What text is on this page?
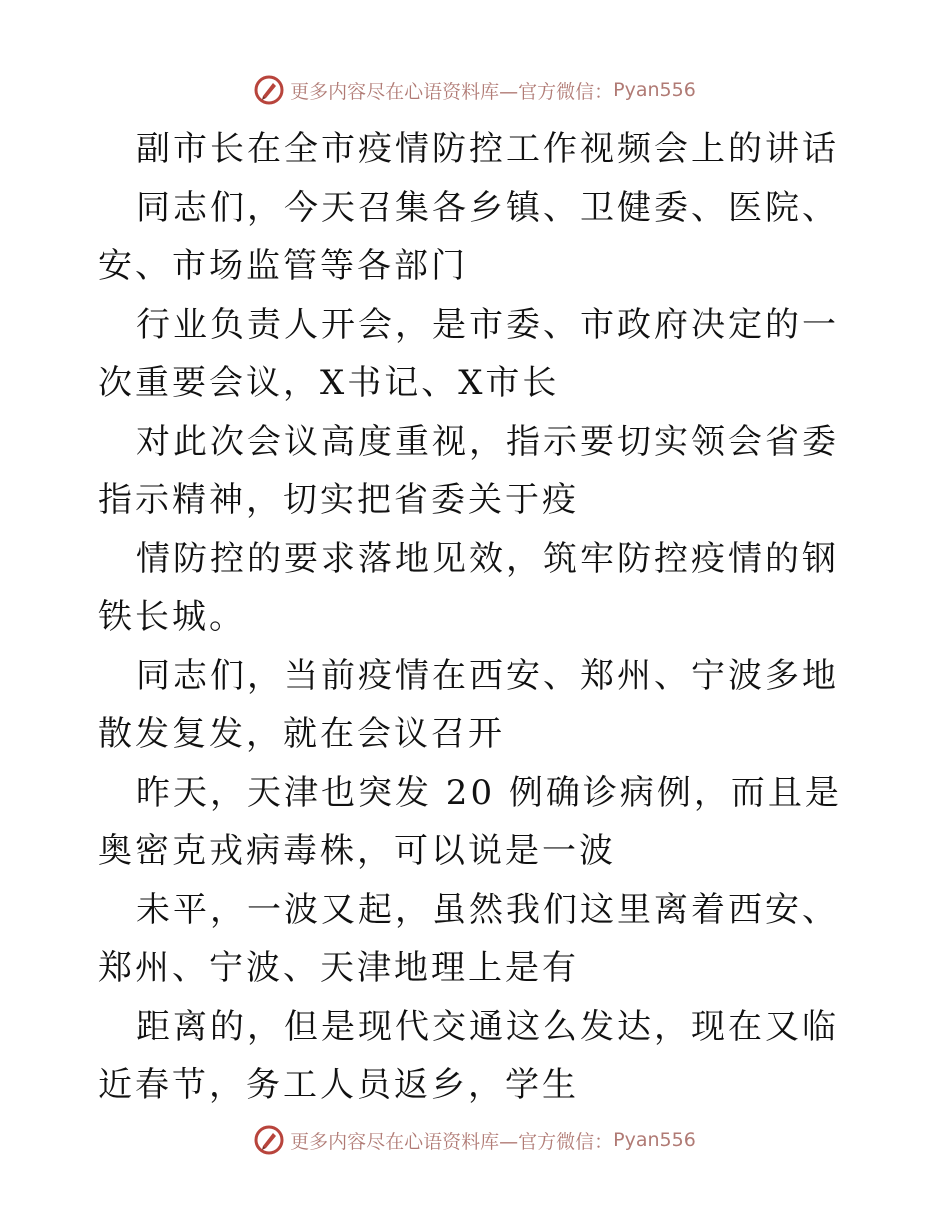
更多内容尽在心语资料库—官方微信： Pyan556

副市长在全市疫情防控工作视频会上的讲话

同志们，今天召集各乡镇、卫健委、医院、安、市场监管等各部门

行业负责人开会，是市委、市政府决定的一次重要会议，X书记、X市长

对此次会议高度重视，指示要切实领会省委指示精神，切实把省委关于疫

情防控的要求落地见效，筑牢防控疫情的钢铁长城。

同志们，当前疫情在西安、郑州、宁波多地散发复发，就在会议召开

昨天，天津也突发 20 例确诊病例，而且是奥密克戎病毒株，可以说是一波

未平，一波又起，虽然我们这里离着西安、郑州、宁波、天津地理上是有

距离的，但是现代交通这么发达，现在又临近春节，务工人员返乡，学生

更多内容尽在心语资料库—官方微信： Pyan556
